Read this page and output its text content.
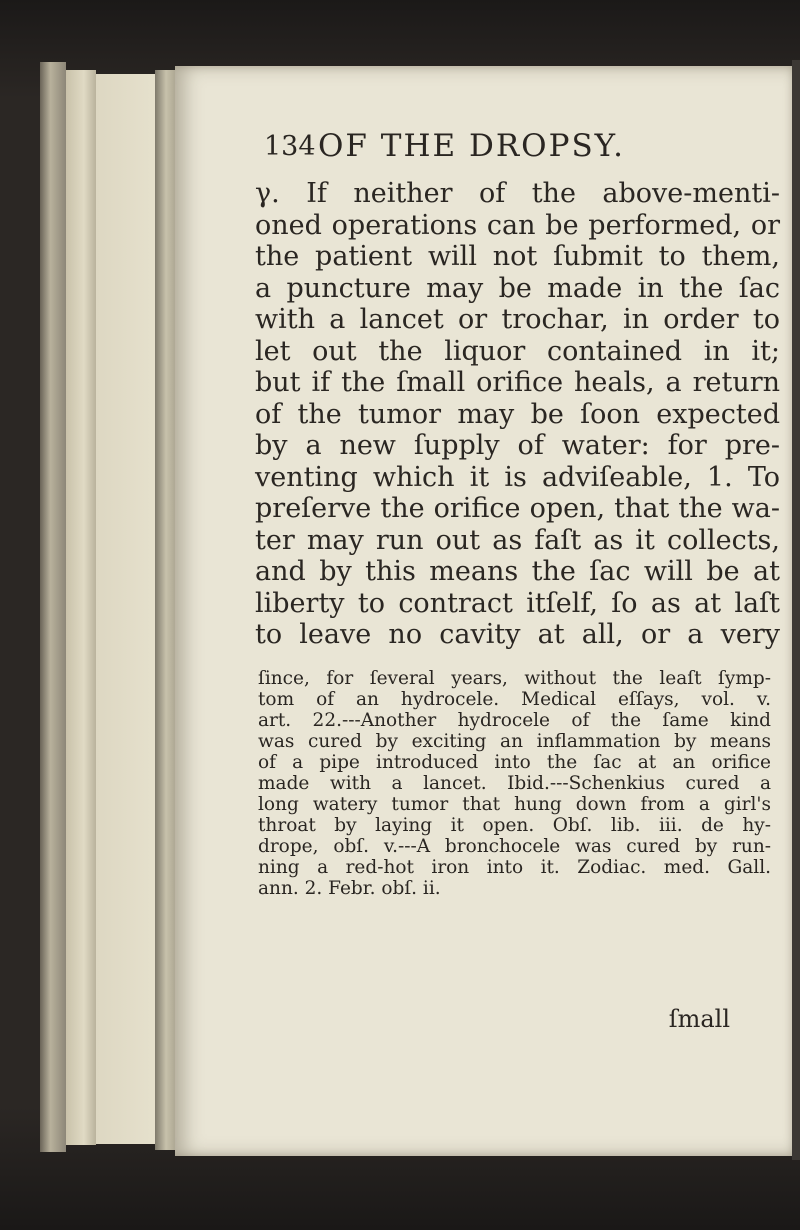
134 OF THE DROPSY.
γ. If neither of the above-menti-
oned operations can be performed, or
the patient will not ſubmit to them,
a puncture may be made in the ſac
with a lancet or trochar, in order to
let out the liquor contained in it;
but if the ſmall orifice heals, a return
of the tumor may be ſoon expected
by a new ſupply of water: for pre-
venting which it is adviſeable, 1. To
preſerve the orifice open, that the wa-
ter may run out as faſt as it collects,
and by this means the ſac will be at
liberty to contract itſelf, ſo as at laſt
to leave no cavity at all, or a very
ſince, for ſeveral years, without the leaſt ſymp-
tom of an hydrocele. Medical eſſays, vol. v.
art. 22.---Another hydrocele of the ſame kind
was cured by exciting an inflammation by means
of a pipe introduced into the ſac at an orifice
made with a lancet. Ibid.---Schenkius cured a
long watery tumor that hung down from a girl's
throat by laying it open. Obſ. lib. iii. de hy-
drope, obſ. v.---A bronchocele was cured by run-
ning a red-hot iron into it. Zodiac. med. Gall.
ann. 2. Febr. obſ. ii.
ſmall
